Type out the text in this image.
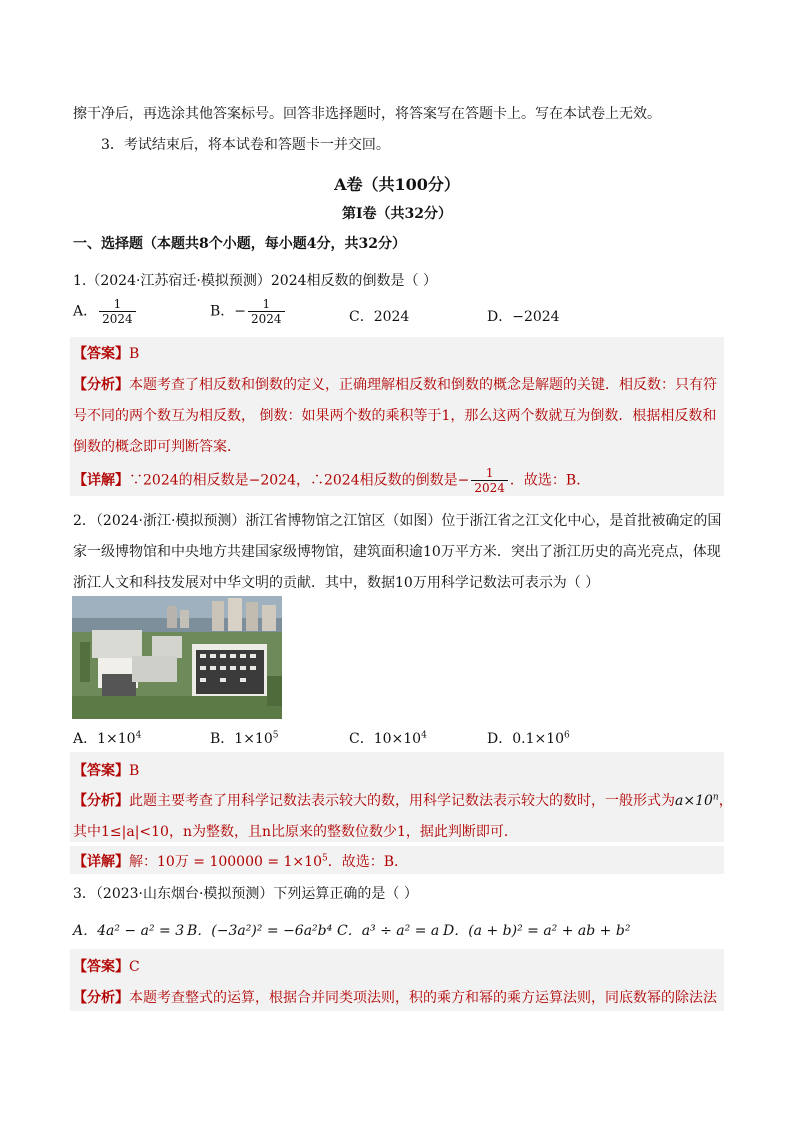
擦干净后，再选涂其他答案标号。回答非选择题时，将答案写在答题卡上。写在本试卷上无效。
3．考试结束后，将本试卷和答题卡一并交回。
A卷（共100分）
第Ⅰ卷（共32分）
一、选择题（本题共8个小题，每小题4分，共32分）
1.（2024·江苏宿迁·模拟预测）2024相反数的倒数是（ ）
A． $\frac{1}{2024}$	B．− $\frac{1}{2024}$	C．2024	D．−2024
【答案】B
【分析】本题考查了相反数和倒数的定义，正确理解相反数和倒数的概念是解题的关键．相反数：只有符
号不同的两个数互为相反数， 倒数：如果两个数的乘积等于1，那么这两个数就互为倒数．根据相反数和
倒数的概念即可判断答案．
【详解】∵2024的相反数是−2024，∴2024相反数的倒数是− $\frac{1}{2024}$ ．故选：B．
2．（2024·浙江·模拟预测）浙江省博物馆之江馆区（如图）位于浙江省之江文化中心，是首批被确定的国
家一级博物馆和中央地方共建国家级博物馆，建筑面积逾10万平方米．突出了浙江历史的高光亮点，体现
浙江人文和科技发展对中华文明的贡献．其中，数据10万用科学记数法可表示为（ ）
A．$1\times 10^4$	B．$1\times 10^5$	C．$10\times 10^4$	D．$0.1\times 10^6$
【答案】B
【分析】此题主要考查了用科学记数法表示较大的数，用科学记数法表示较大的数时，一般形式为$a\times 10^n$，
其中1≤|a|<10，n为整数，且n比原来的整数位数少1，据此判断即可．
【详解】解：10万 = $100000 = 1\times 10^5$．故选：B．
3．（2023·山东烟台·模拟预测）下列运算正确的是（ ）
A．4a² − a² = 3 B．(−3a²)² = −6a²b⁴ C．a³ ÷ a² = a D．(a + b)² = a² + ab + b²
【答案】C
【分析】本题考查整式的运算，根据合并同类项法则，积的乘方和幂的乘方运算法则，同底数幂的除法法
